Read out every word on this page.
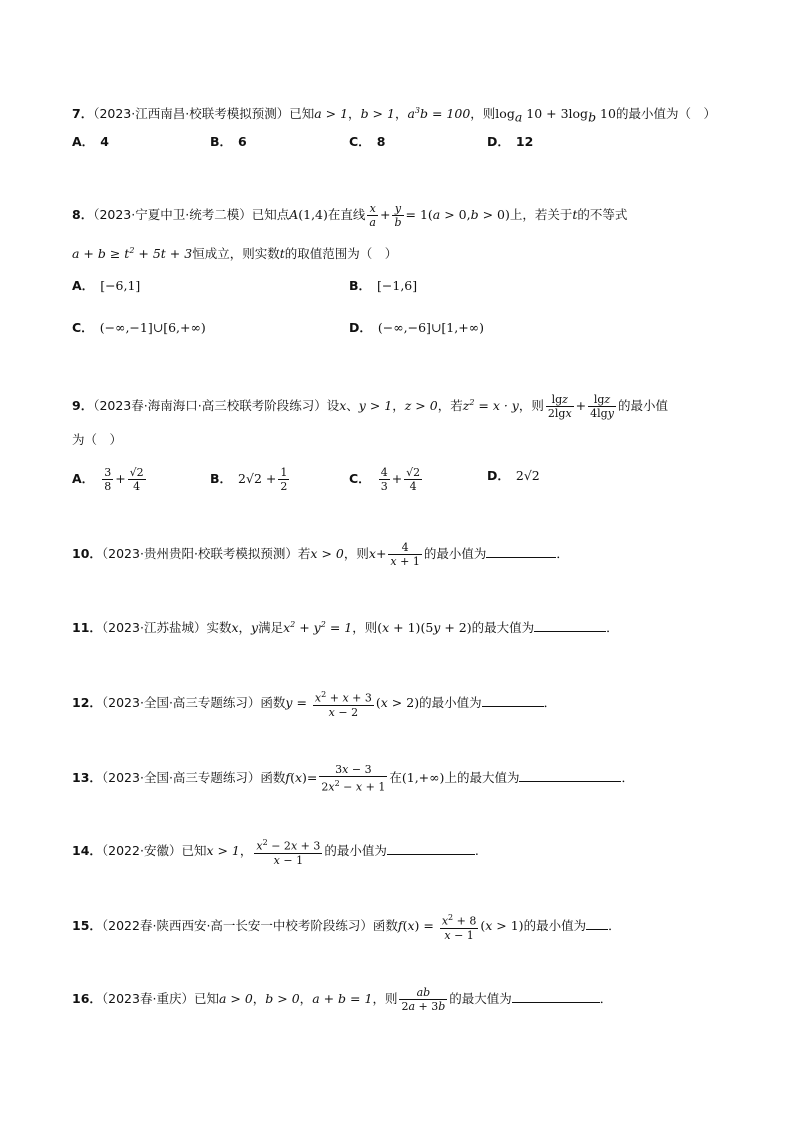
7．（2023·江西南昌·校联考模拟预测）已知a > 1，b > 1，$a^3b = 100$，则$\log_a 10 + 3\log_b$ 10的最小值为（　）
A． 4	B． 6	C． 8	D． 12
8．（2023·宁夏中卫·统考二模）已知点A(1,4)在直线 $\frac{x}{a} + \frac{y}{b} = 1(a > 0,b > 0)$上，若关于t的不等式
$a + b \ge t^2 + 5t + 3$恒成立，则实数t的取值范围为（　）
A． [−6,1]	B． [−1,6]
C． (−∞,−1]∪[6,+∞)	D． (−∞,−6]∪[1,+∞)
9．（2023春·海南海口·高三校联考阶段练习）设x、y > 1，z > 0，若$z^2 = x \cdot y$，则 $\frac{\lg z}{2\lg x} + \frac{\lg z}{4\lg y}$ 的最小值
为（　）
A． $\frac{3}{8} + \frac{√2}{4}$	B． $2√2 + \frac{1}{2}$	C． $\frac{4}{3} + \frac{√2}{4}$	D． 2√2
10．（2023·贵州贵阳·校联考模拟预测）若x > 0，则$x+ \frac{4}{x + 1}$ 的最小值为	．
11．（2023·江苏盐城）实数x，y满足$x^2 + y^2 = 1$，则(x + 1)(5y + 2)的最大值为	．
12．（2023·全国·高三专题练习）函数$y = \frac{x^2 + x + 3}{x - 2} (x > 2)$的最小值为	．
13．（2023·全国·高三专题练习）函数$f(x)= \frac{3x - 3}{2x^2 - x + 1}$ 在(1,+∞)上的最大值为	．
14．（2022·安徽）已知x > 1， $\frac{x^2 - 2x + 3}{x - 1}$ 的最小值为	.
15．（2022春·陕西西安·高一长安一中校考阶段练习）函数$f(x) = \frac{x^2 + 8}{x - 1} (x > 1)$的最小值为 ．
16．（2023春·重庆）已知a > 0，b > 0，a + b = 1，则 $\frac{ab}{2a + 3b}$ 的最大值为	．
